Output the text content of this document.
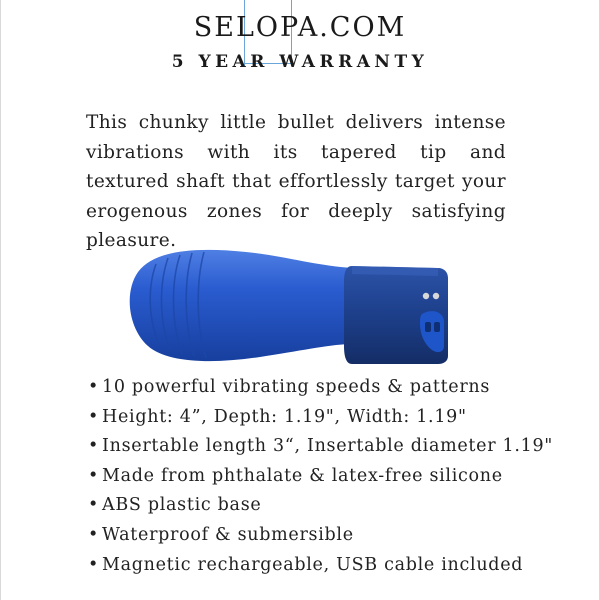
SELOPA.COM
5 YEAR WARRANTY

This chunky little bullet delivers intense vibrations with its tapered tip and textured shaft that effortlessly target your erogenous zones for deeply satisfying pleasure.

• 10 powerful vibrating speeds & patterns
• Height: 4”, Depth: 1.19", Width: 1.19"
• Insertable length 3“, Insertable diameter 1.19"
• Made from phthalate & latex-free silicone
• ABS plastic base
• Waterproof & submersible
• Magnetic rechargeable, USB cable included
